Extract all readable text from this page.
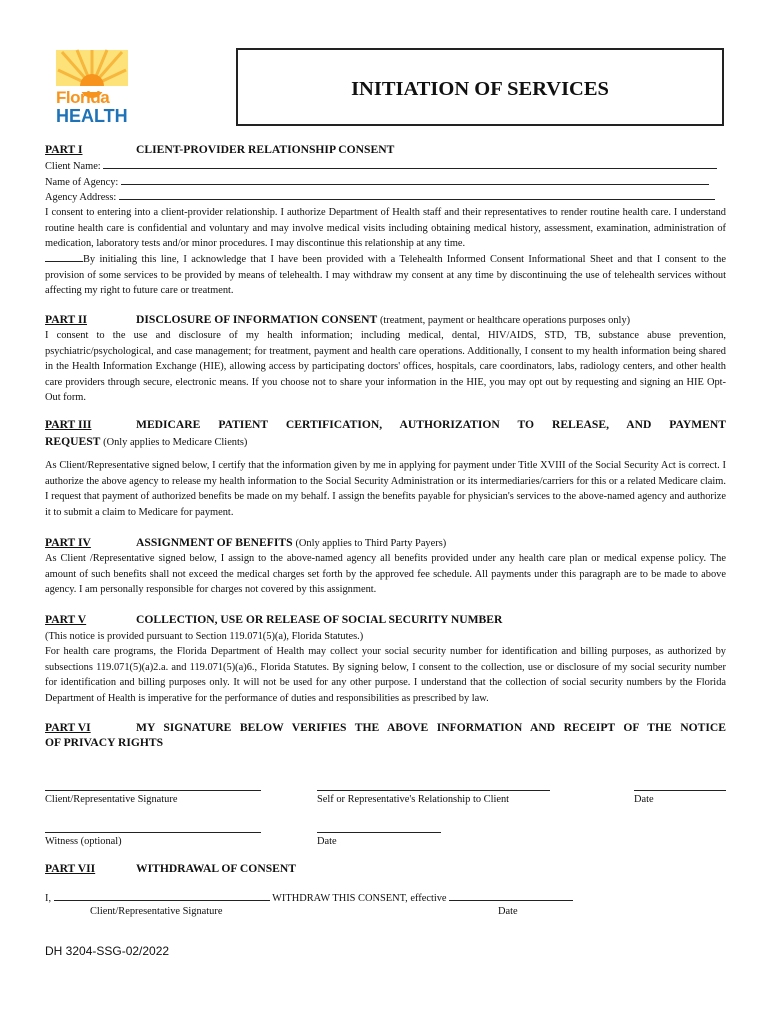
Florida
HEALTH
INITIATION OF SERVICES
PART I	CLIENT-PROVIDER RELATIONSHIP CONSENT
Client Name:
Name of Agency:
Agency Address:
I consent to entering into a client-provider relationship. I authorize Department of Health staff and their representatives to render routine health care. I understand routine health care is confidential and voluntary and may involve medical visits including obtaining medical history, assessment, examination, administration of medication, laboratory tests and/or minor procedures. I may discontinue this relationship at any time.
By initialing this line, I acknowledge that I have been provided with a Telehealth Informed Consent Informational Sheet and that I consent to the provision of some services to be provided by means of telehealth. I may withdraw my consent at any time by discontinuing the use of telehealth services without affecting my right to future care or treatment.
PART II	DISCLOSURE OF INFORMATION CONSENT (treatment, payment or healthcare operations purposes only)
I consent to the use and disclosure of my health information; including medical, dental, HIV/AIDS, STD, TB, substance abuse prevention, psychiatric/psychological, and case management; for treatment, payment and health care operations. Additionally, I consent to my health information being shared in the Health Information Exchange (HIE), allowing access by participating doctors' offices, hospitals, care coordinators, labs, radiology centers, and other health care providers through secure, electronic means. If you choose not to share your information in the HIE, you may opt out by requesting and signing an HIE Opt-Out form.
PART III	MEDICARE PATIENT CERTIFICATION, AUTHORIZATION TO RELEASE, AND PAYMENT
REQUEST (Only applies to Medicare Clients)
As Client/Representative signed below, I certify that the information given by me in applying for payment under Title XVIII of the Social Security Act is correct. I authorize the above agency to release my health information to the Social Security Administration or its intermediaries/carriers for this or a related Medicare claim. I request that payment of authorized benefits be made on my behalf. I assign the benefits payable for physician's services to the above-named agency and authorize it to submit a claim to Medicare for payment.
PART IV	ASSIGNMENT OF BENEFITS (Only applies to Third Party Payers)
As Client /Representative signed below, I assign to the above-named agency all benefits provided under any health care plan or medical expense policy. The amount of such benefits shall not exceed the medical charges set forth by the approved fee schedule. All payments under this paragraph are to be made to above agency. I am personally responsible for charges not covered by this assignment.
PART V	COLLECTION, USE OR RELEASE OF SOCIAL SECURITY NUMBER
(This notice is provided pursuant to Section 119.071(5)(a), Florida Statutes.)
For health care programs, the Florida Department of Health may collect your social security number for identification and billing purposes, as authorized by subsections 119.071(5)(a)2.a. and 119.071(5)(a)6., Florida Statutes. By signing below, I consent to the collection, use or disclosure of my social security number for identification and billing purposes only. It will not be used for any other purpose. I understand that the collection of social security numbers by the Florida Department of Health is imperative for the performance of duties and responsibilities as prescribed by law.
PART VI	MY SIGNATURE BELOW VERIFIES THE ABOVE INFORMATION AND RECEIPT OF THE NOTICE
OF PRIVACY RIGHTS
Client/Representative Signature	Self or Representative's Relationship to Client	Date
Witness (optional)	Date
PART VII	WITHDRAWAL OF CONSENT
I,	WITHDRAW THIS CONSENT, effective
Client/Representative Signature	Date
DH 3204-SSG-02/2022
